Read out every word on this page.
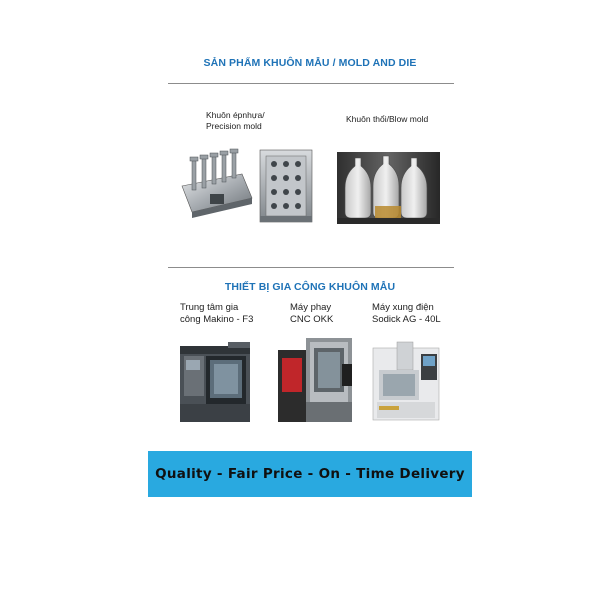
SẢN PHẨM KHUÔN MẪU / MOLD AND DIE
Khuôn épnhựa/
Precision mold
Khuôn thổi/Blow mold
THIẾT BỊ GIA CÔNG KHUÔN MẪU
Trung tâm gia
công Makino - F3
Máy phay
CNC OKK
Máy xung điện
Sodick AG - 40L
Quality - Fair Price - On - Time Delivery
